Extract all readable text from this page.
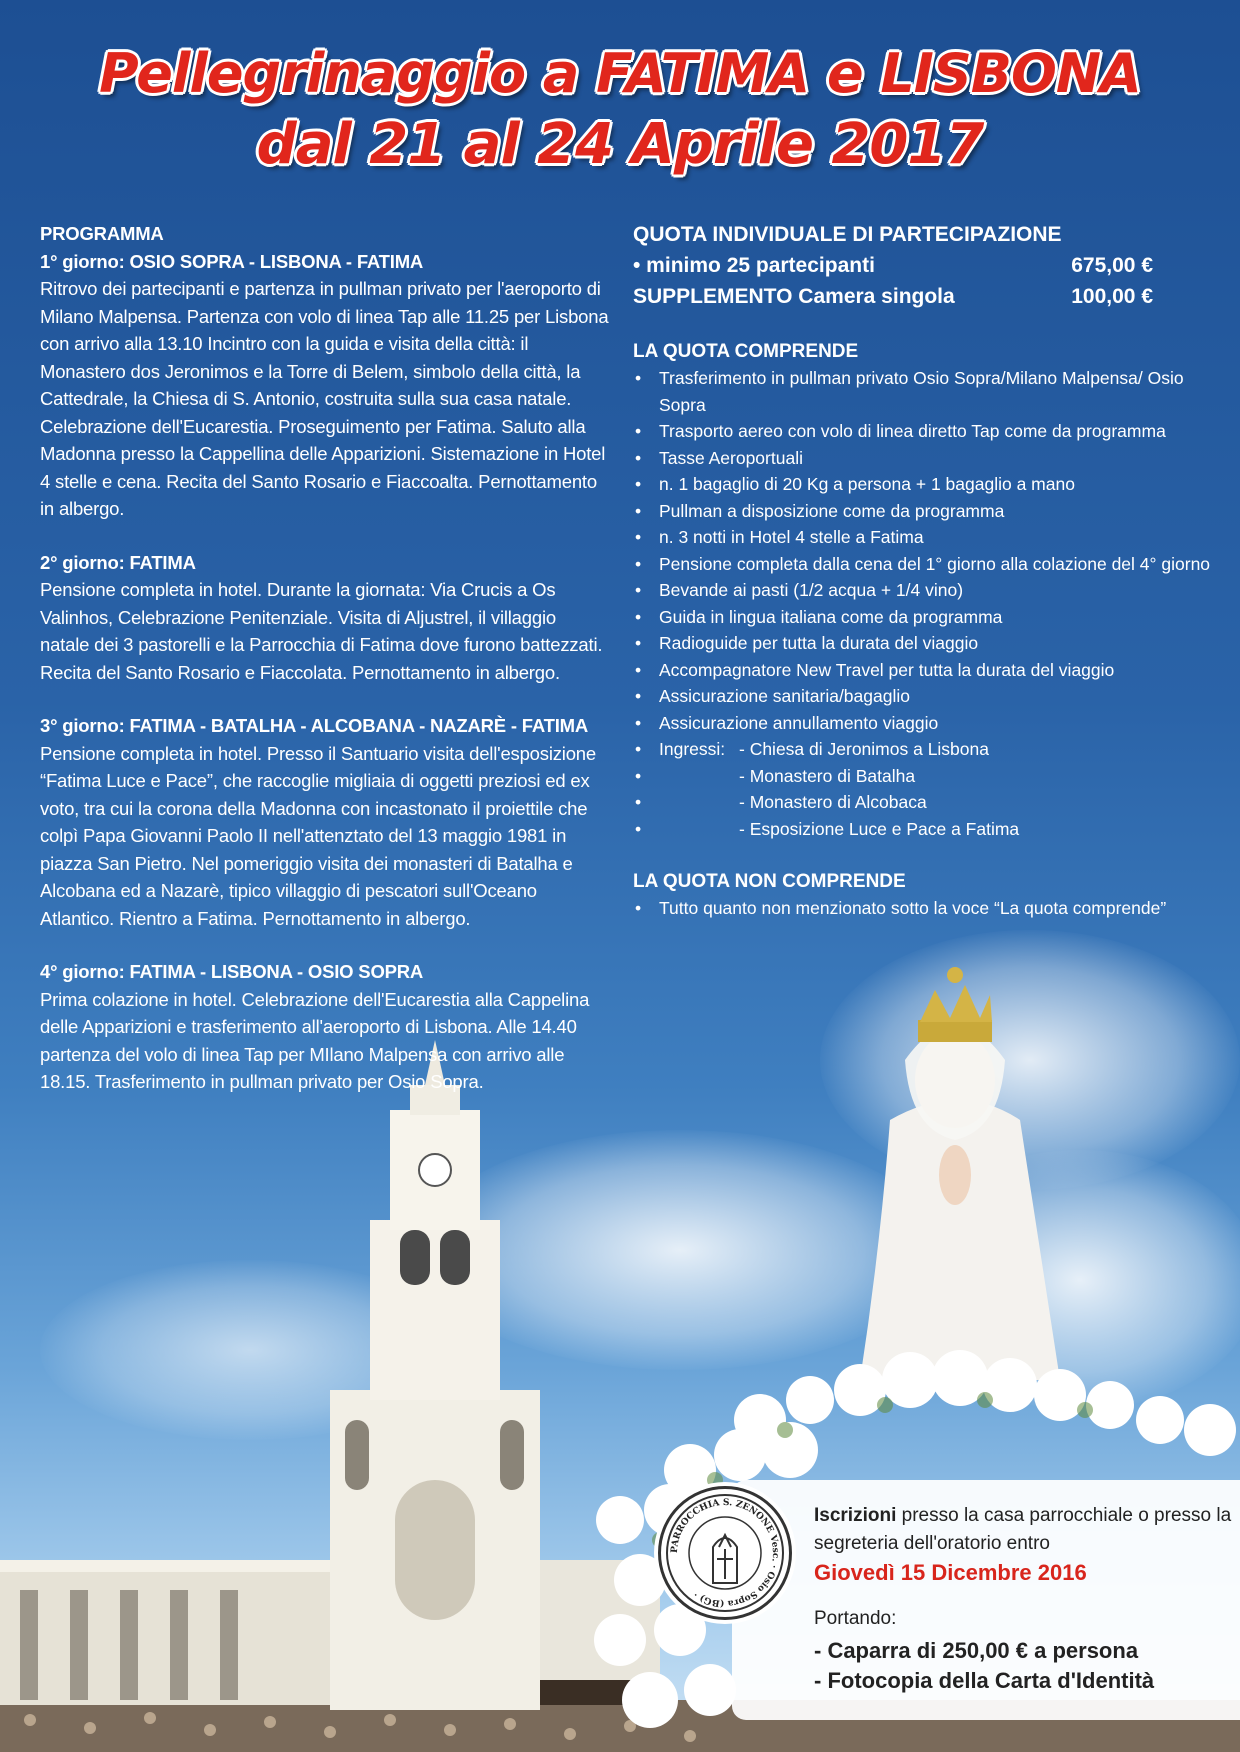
Pellegrinaggio a FATIMA e LISBONA
dal 21 al 24 Aprile 2017
PROGRAMMA

1° giorno: OSIO SOPRA - LISBONA - FATIMA

Ritrovo dei partecipanti e partenza in pullman privato per l'aeroporto di Milano Malpensa. Partenza con volo di linea Tap alle 11.25 per Lisbona con arrivo alla 13.10 Incintro con la guida e visita della città: il Monastero dos Jeronimos e la Torre di Belem, simbolo della città, la Cattedrale, la Chiesa di S. Antonio, costruita sulla sua casa natale. Celebrazione dell'Eucarestia. Proseguimento per Fatima. Saluto alla Madonna presso la Cappellina delle Apparizioni. Sistemazione in Hotel 4 stelle e cena. Recita del Santo Rosario e Fiaccoalta. Pernottamento in albergo.

2° giorno: FATIMA

Pensione completa in hotel. Durante la giornata: Via Crucis a Os Valinhos, Celebrazione Penitenziale. Visita di Aljustrel, il villaggio natale dei 3 pastorelli e la Parrocchia di Fatima dove furono battezzati. Recita del Santo Rosario e Fiaccolata. Pernottamento in albergo.

3° giorno: FATIMA - BATALHA - ALCOBANA - NAZARÈ - FATIMA

Pensione completa in hotel. Presso il Santuario visita dell'esposizione “Fatima Luce e Pace”, che raccoglie migliaia di oggetti preziosi ed ex voto, tra cui la corona della Madonna con incastonato il proiettile che colpì Papa Giovanni Paolo II nell'attenztato del 13 maggio 1981 in piazza San Pietro. Nel pomeriggio visita dei monasteri di Batalha e Alcobana ed a Nazarè, tipico villaggio di pescatori sull'Oceano Atlantico. Rientro a Fatima. Pernottamento in albergo.

4° giorno: FATIMA - LISBONA - OSIO SOPRA

Prima colazione in hotel. Celebrazione dell'Eucarestia alla Cappelina delle Apparizioni e trasferimento all'aeroporto di Lisbona. Alle 14.40 partenza del volo di linea Tap per MIlano Malpensa con arrivo alle 18.15. Trasferimento in pullman privato per Osio Sopra.

QUOTA INDIVIDUALE DI PARTECIPAZIONE
• minimo 25 partecipanti	675,00 €
SUPPLEMENTO Camera singola	100,00 €
LA QUOTA COMPRENDE
• Trasferimento in pullman privato Osio Sopra/Milano Malpensa/ Osio Sopra
• Trasporto aereo con volo di linea diretto Tap come da programma
• Tasse Aeroportuali
• n. 1 bagaglio di 20 Kg a persona + 1 bagaglio a mano
• Pullman a disposizione come da programma
• n. 3 notti in Hotel 4 stelle a Fatima
• Pensione completa dalla cena del 1° giorno alla colazione del 4° giorno
• Bevande ai pasti (1/2 acqua + 1/4 vino)
• Guida in lingua italiana come da programma
• Radioguide per tutta la durata del viaggio
• Accompagnatore New Travel per tutta la durata del viaggio
• Assicurazione sanitaria/bagaglio
• Assicurazione annullamento viaggio
• Ingressi: - Chiesa di Jeronimos a Lisbona
• - Monastero di Batalha
• - Monastero di Alcobaca
• - Esposizione Luce e Pace a Fatima
LA QUOTA NON COMPRENDE
• Tutto quanto non menzionato sotto la voce “La quota comprende”
Iscrizioni presso la casa parrocchiale o presso la segreteria dell'oratorio entro
Giovedì 15 Dicembre 2016
Portando:
- Caparra di 250,00 € a persona
- Fotocopia della Carta d'Identità
PARROCCHIA S. ZENONE Vesc. · Osio Sopra (BG) ·
